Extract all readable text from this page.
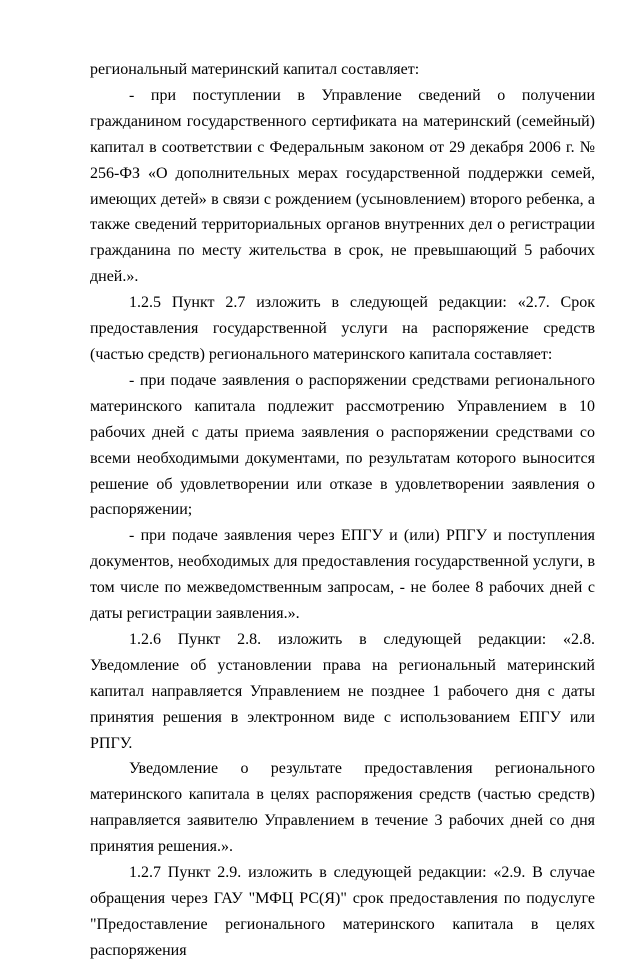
региональный материнский капитал составляет:

- при поступлении в Управление сведений о получении гражданином государственного сертификата на материнский (семейный) капитал в соответствии с Федеральным законом от 29 декабря 2006 г. № 256-ФЗ «О дополнительных мерах государственной поддержки семей, имеющих детей» в связи с рождением (усыновлением) второго ребенка, а также сведений территориальных органов внутренних дел о регистрации гражданина по месту жительства в срок, не превышающий 5 рабочих дней.».

1.2.5 Пункт 2.7 изложить в следующей редакции: «2.7. Срок предоставления государственной услуги на распоряжение средств (частью средств) регионального материнского капитала составляет:

- при подаче заявления о распоряжении средствами регионального материнского капитала подлежит рассмотрению Управлением в 10 рабочих дней с даты приема заявления о распоряжении средствами со всеми необходимыми документами, по результатам которого выносится решение об удовлетворении или отказе в удовлетворении заявления о распоряжении;

- при подаче заявления через ЕПГУ и (или) РПГУ и поступления документов, необходимых для предоставления государственной услуги, в том числе по межведомственным запросам, - не более 8 рабочих дней с даты регистрации заявления.».

1.2.6 Пункт 2.8. изложить в следующей редакции: «2.8. Уведомление об установлении права на региональный материнский капитал направляется Управлением не позднее 1 рабочего дня с даты принятия решения в электронном виде с использованием ЕПГУ или РПГУ.

Уведомление о результате предоставления регионального материнского капитала в целях распоряжения средств (частью средств) направляется заявителю Управлением в течение 3 рабочих дней со дня принятия решения.».

1.2.7 Пункт 2.9. изложить в следующей редакции: «2.9. В случае обращения через ГАУ "МФЦ РС(Я)" срок предоставления по подуслуге "Предоставление регионального материнского капитала в целях распоряжения
